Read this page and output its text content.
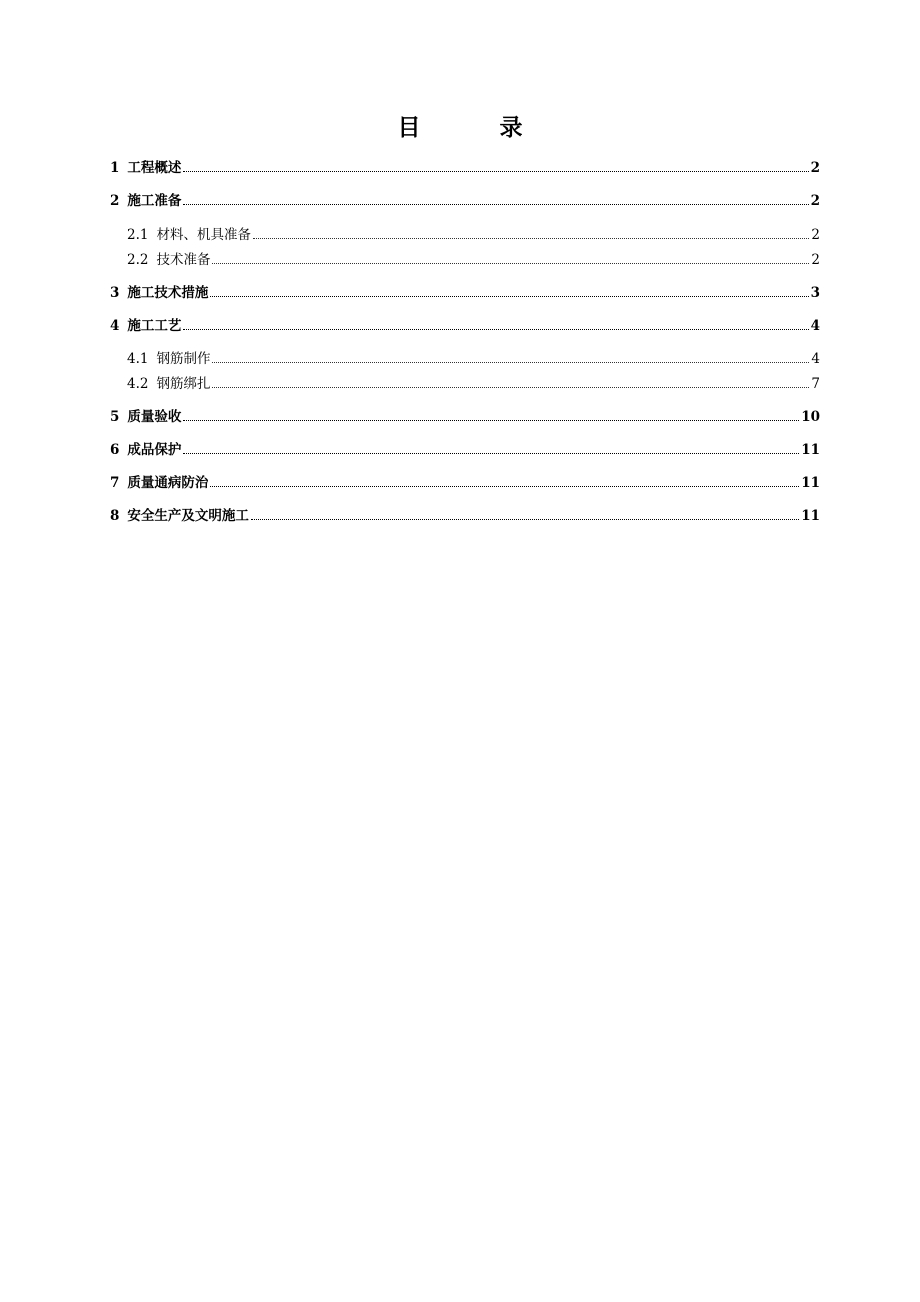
目　录
1 工程概述	2
2 施工准备	2
2.1 材料、机具准备	2
2.2 技术准备	2
3 施工技术措施	3
4 施工工艺	4
4.1 钢筋制作	4
4.2 钢筋绑扎	7
5 质量验收	10
6 成品保护	11
7 质量通病防治	11
8 安全生产及文明施工	11
